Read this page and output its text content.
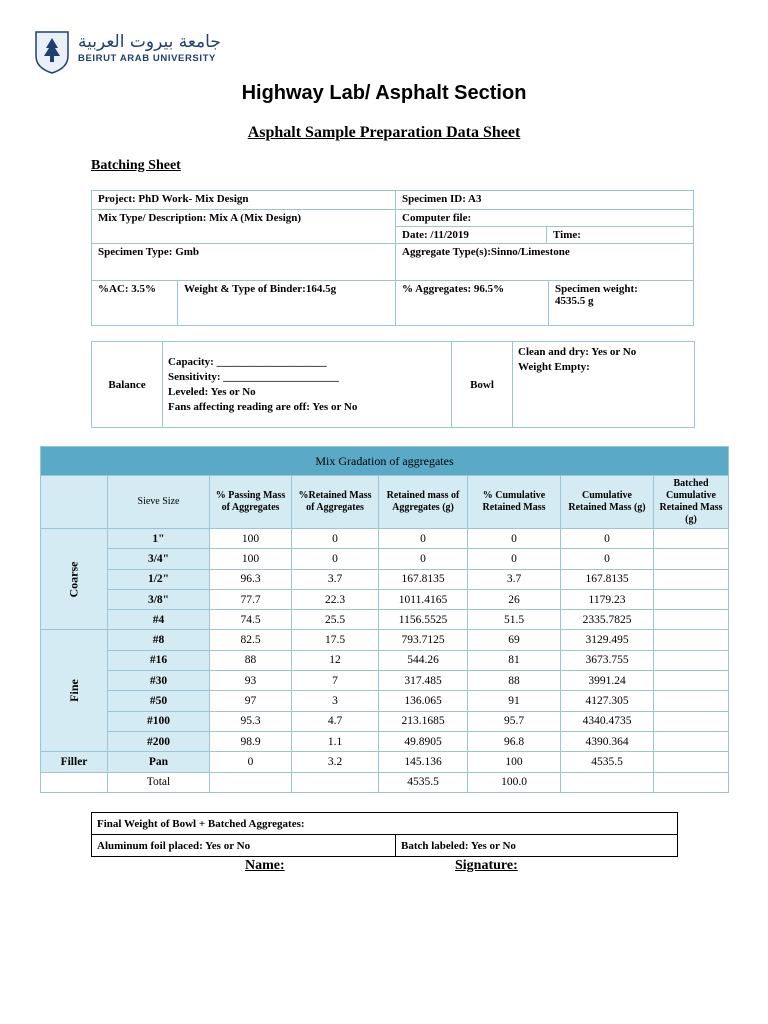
جامعة بيروت العربية
BEIRUT ARAB UNIVERSITY
Highway Lab/ Asphalt Section
Asphalt Sample Preparation Data Sheet
Batching Sheet
Project: PhD Work- Mix Design		Specimen ID: A3	
Mix Type/ Description: Mix A (Mix Design)		Computer file:
Date: /11/2019 Time:	

Specimen Type: Gmb		Aggregate Type(s):Sinno/Limestone	
%AC: 3.5%	Weight & Type of Binder:164.5g	% Aggregates: 96.5%	Specimen weight:
4535.5 g
Balance	
Capacity: ____________________
Sensitivity: _____________________
Leveled: Yes or No
Fans affecting reading are off: Yes or No
	Bowl	
Clean and dry: Yes or No
Weight Empty:
Mix Gradation of aggregates							
	Sieve Size	% Passing Mass of Aggregates	%Retained Mass of Aggregates	Retained mass of Aggregates (g)	% Cumulative Retained Mass	Cumulative Retained Mass (g)	Batched Cumulative Retained Mass (g)
Coarse	1"	100	0	0	0	0	
	3/4"	100	0	0	0	0	
	1/2"	96.3	3.7	167.8135	3.7	167.8135	
	3/8"	77.7	22.3	1011.4165	26	1179.23	
	#4	74.5	25.5	1156.5525	51.5	2335.7825	
Fine	#8	82.5	17.5	793.7125	69	3129.495	
	#16	88	12	544.26	81	3673.755	
	#30	93	7	317.485	88	3991.24	
	#50	97	3	136.065	91	4127.305	
	#100	95.3	4.7	213.1685	95.7	4340.4735	
	#200	98.9	1.1	49.8905	96.8	4390.364	
Filler	Pan	0	3.2	145.136	100	4535.5	
	Total			4535.5	100.0		
Final Weight of Bowl + Batched Aggregates:
Aluminum foil placed: Yes or No	Batch labeled: Yes or No
Name:	Signature:
